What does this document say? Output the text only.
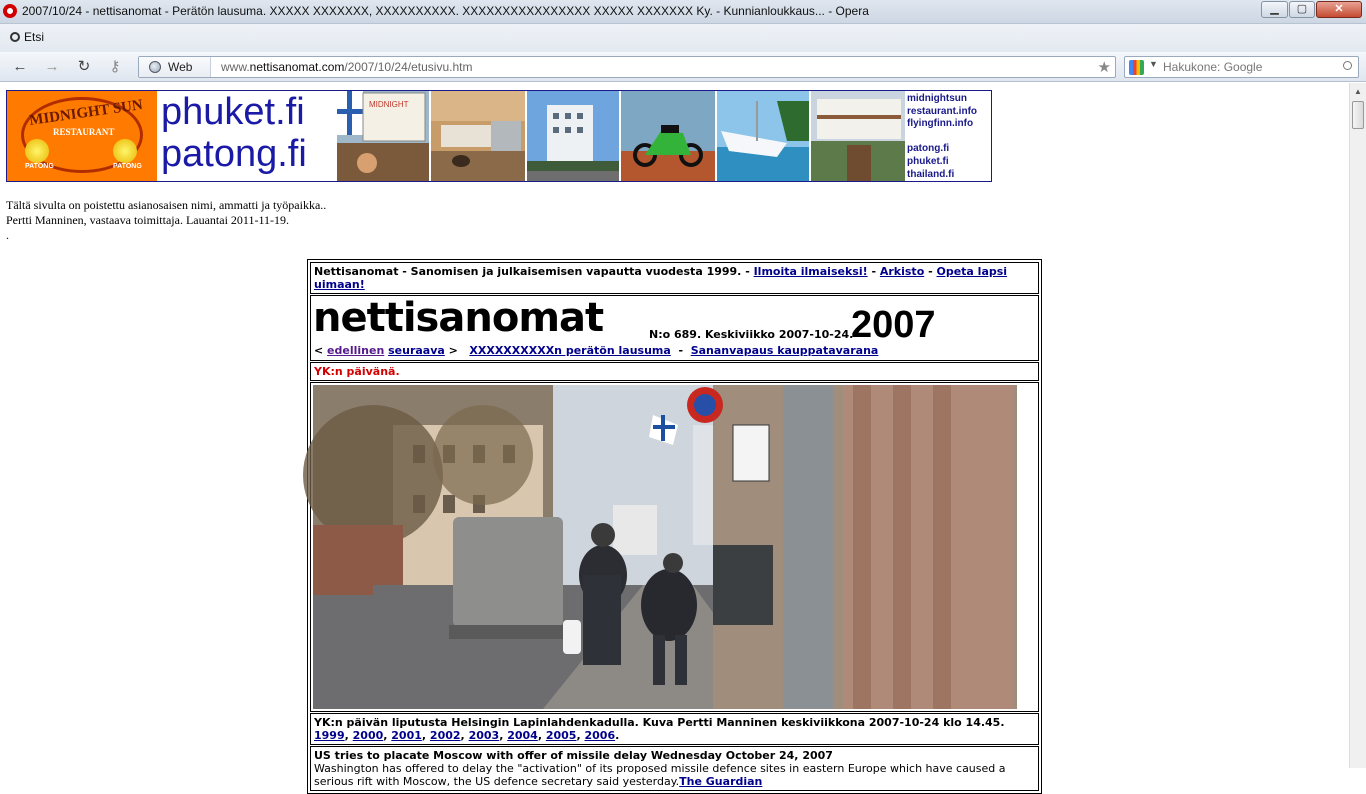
2007/10/24 - nettisanomat - Perätön lausuma. XXXXX XXXXXXX, XXXXXXXXXX. XXXXXXXXXXXXXXXX XXXXX XXXXXXX Ky. - Kunnianloukkaus... - Opera	▁	▢	✕
Etsi
← → ↻	⚷	Web	www.nettisanomat.com/2007/10/24/etusivu.htm	★	▼ Hakukone: Google
MIDNIGHT SUN
RESTAURANT
PATONG	PATONG
phuket.fi
patong.fi
MIDNIGHT
midnightsun
restaurant.info
flyingfinn.info

patong.fi
phuket.fi
thailand.fi
Tältä sivulta on poistettu asianosaisen nimi, ammatti ja työpaikka..
Pertti Manninen, vastaava toimittaja. Lauantai 2011-11-19.
.
Nettisanomat - Sanomisen ja julkaisemisen vapautta vuodesta 1999. - Ilmoita ilmaiseksi! - Arkisto - Opeta lapsi uimaan!
nettisanomat	N:o 689. Keskiviikko 2007-10-24.
2007
< edellinen seuraava > XXXXXXXXXXn perätön lausuma  -  Sananvapaus kauppatavarana
YK:n päivänä.
YK:n päivän liputusta Helsingin Lapinlahdenkadulla. Kuva Pertti Manninen keskiviikkona 2007-10-24 klo 14.45.
1999, 2000, 2001, 2002, 2003, 2004, 2005, 2006.
US tries to placate Moscow with offer of missile delay Wednesday October 24, 2007
Washington has offered to delay the "activation" of its proposed missile defence sites in eastern Europe which have caused a serious rift with Moscow, the US defence secretary said yesterday.The Guardian
▲
